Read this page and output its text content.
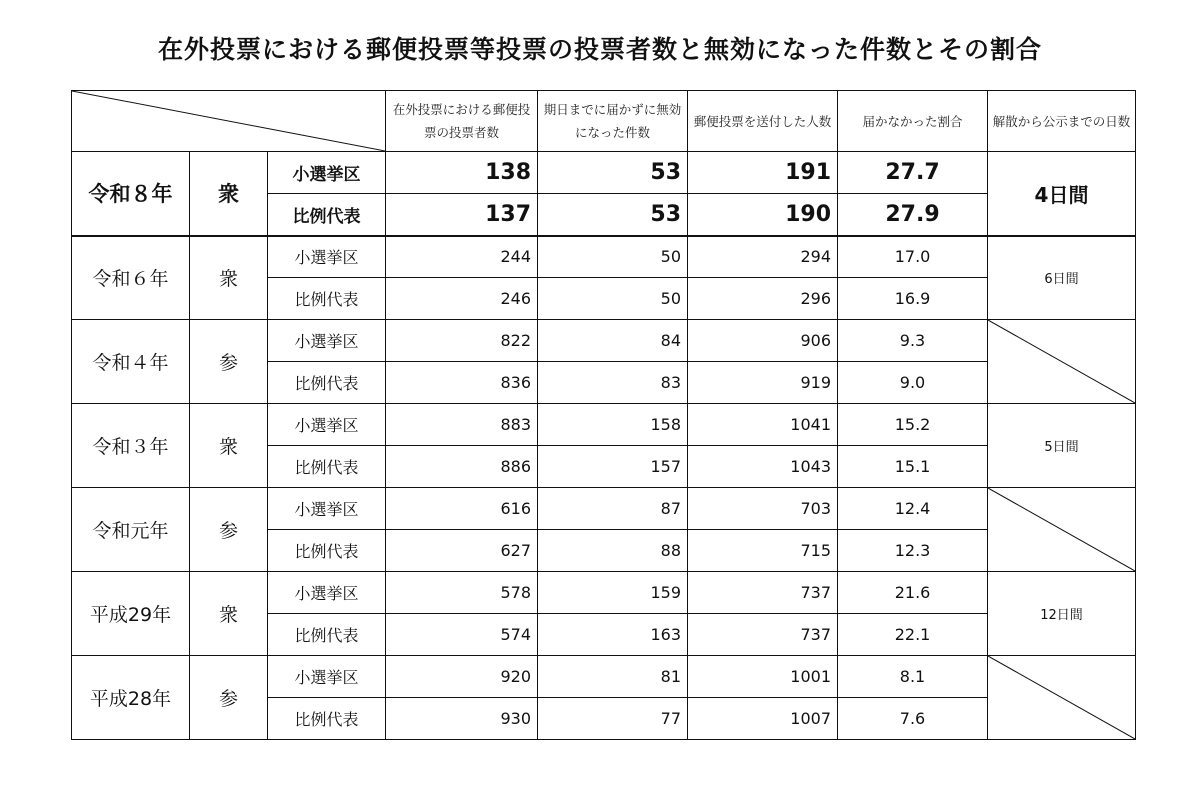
在外投票における郵便投票等投票の投票者数と無効になった件数とその割合
	在外投票における郵便投票の投票者数	期日までに届かずに無効になった件数	郵便投票を送付した人数	届かなかった割合	解散から公示までの日数
令和８年	衆	小選挙区	138	53	191	27.7	4日間
		比例代表	137	53	190	27.9	
令和６年	衆	小選挙区	244	50	294	17.0	6日間
		比例代表	246	50	296	16.9	
令和４年	参	小選挙区	822	84	906	9.3	

		比例代表	836	83	919	9.0	
令和３年	衆	小選挙区	883	158	1041	15.2	5日間
		比例代表	886	157	1043	15.1	
令和元年	参	小選挙区	616	87	703	12.4	

		比例代表	627	88	715	12.3	
平成29年	衆	小選挙区	578	159	737	21.6	12日間
		比例代表	574	163	737	22.1	
平成28年	参	小選挙区	920	81	1001	8.1	

		比例代表	930	77	1007	7.6	
